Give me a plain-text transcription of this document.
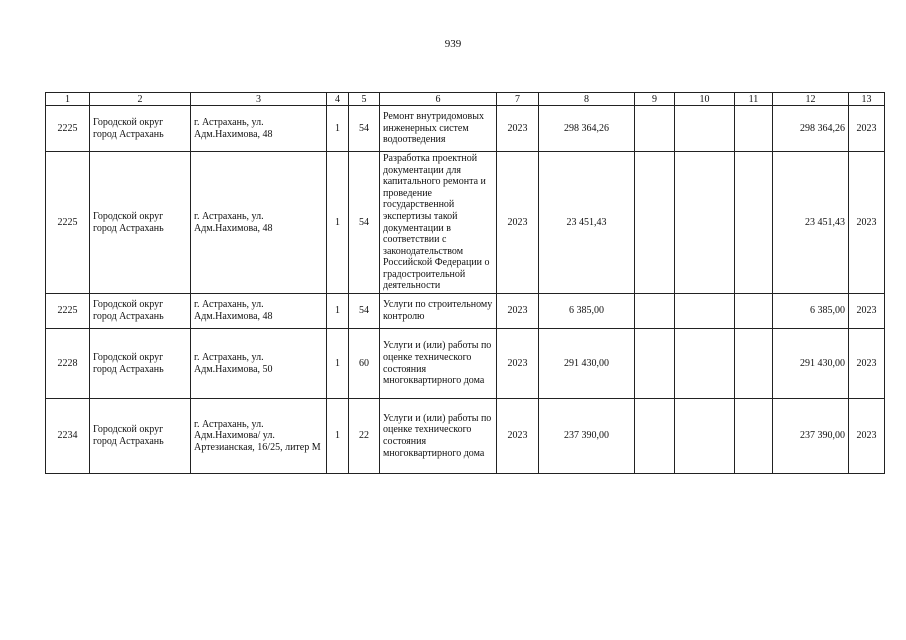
939
1	2	3	4	5	6	7	8	9	10	11	12	13
2225	Городской округ город Астрахань	г. Астрахань, ул. Адм.Нахимова, 48	1	54	Ремонт внутридомовых инженерных систем водоотведения	2023	298 364,26				298 364,26	2023
2225	Городской округ город Астрахань	г. Астрахань, ул. Адм.Нахимова, 48	1	54	Разработка проектной документации для капитального ремонта и проведение государственной экспертизы такой документации в соответствии с законодательством Российской Федерации о градостроительной деятельности	2023	23 451,43				23 451,43	2023
2225	Городской округ город Астрахань	г. Астрахань, ул. Адм.Нахимова, 48	1	54	Услуги по строительному контролю	2023	6 385,00				6 385,00	2023
2228	Городской округ город Астрахань	г. Астрахань, ул. Адм.Нахимова, 50	1	60	Услуги и (или) работы по оценке технического состояния многоквартирного дома	2023	291 430,00				291 430,00	2023
2234	Городской округ город Астрахань	г. Астрахань, ул. Адм.Нахимова/ ул. Артезианская, 16/25, литер М	1	22	Услуги и (или) работы по оценке технического состояния многоквартирного дома	2023	237 390,00				237 390,00	2023
